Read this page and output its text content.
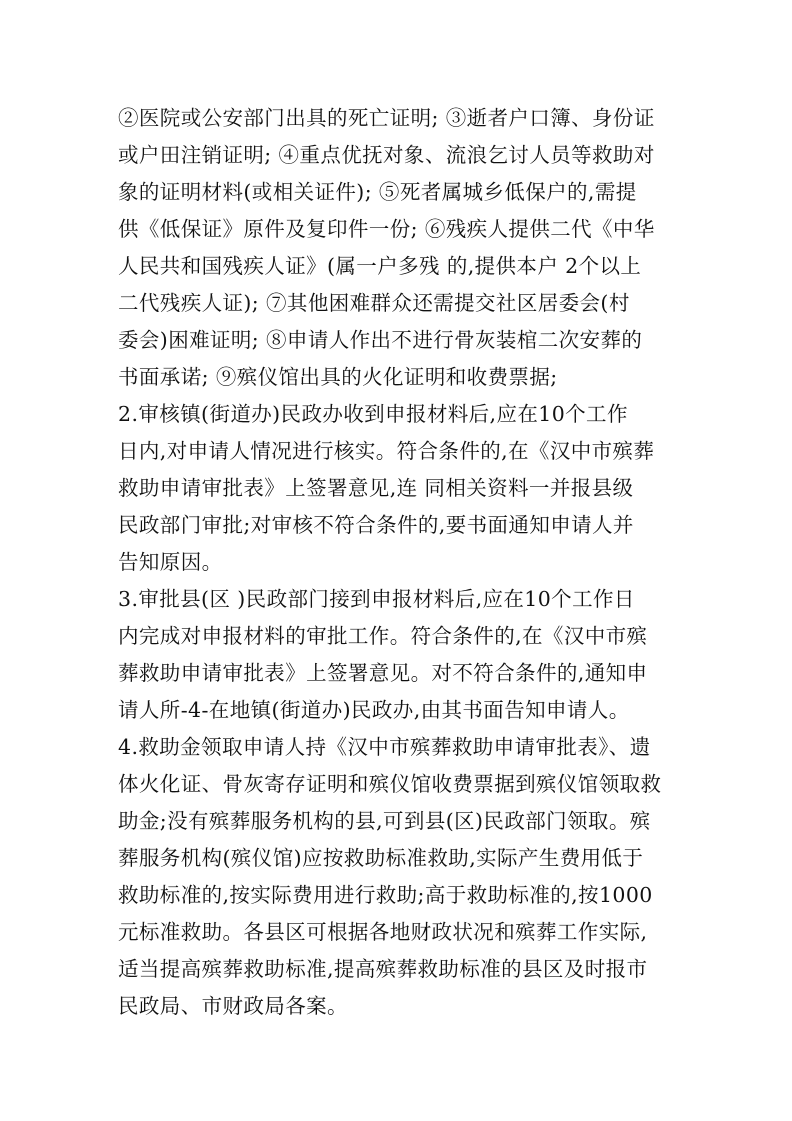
②医院或公安部门出具的死亡证明; ③逝者户口簿、身份证
或户田注销证明; ④重点优抚对象、流浪乞讨人员等救助对
象的证明材料(或相关证件); ⑤死者属城乡低保户的,需提
供《低保证》原件及复印件一份; ⑥残疾人提供二代《中华
人民共和国残疾人证》(属一户多残 的,提供本户 2个以上
二代残疾人证); ⑦其他困难群众还需提交社区居委会(村
委会)困难证明; ⑧申请人作出不进行骨灰装棺二次安葬的
书面承诺; ⑨殡仪馆出具的火化证明和收费票据;
2.审核镇(街道办)民政办收到申报材料后,应在10个工作
日内,对申请人情况进行核实。符合条件的,在《汉中市殡葬
救助申请审批表》上签署意见,连 同相关资料一并报县级
民政部门审批;对审核不符合条件的,要书面通知申请人并
告知原因。
3.审批县(区 )民政部门接到申报材料后,应在10个工作日
内完成对申报材料的审批工作。符合条件的,在《汉中市殡
葬救助申请审批表》上签署意见。对不符合条件的,通知申
请人所-4-在地镇(街道办)民政办,由其书面告知申请人。
4.救助金领取申请人持《汉中市殡葬救助申请审批表》、遗
体火化证、骨灰寄存证明和殡仪馆收费票据到殡仪馆领取救
助金;没有殡葬服务机构的县,可到县(区)民政部门领取。殡
葬服务机构(殡仪馆)应按救助标准救助,实际产生费用低于
救助标准的,按实际费用进行救助;高于救助标准的,按1000
元标准救助。各县区可根据各地财政状况和殡葬工作实际,
适当提高殡葬救助标准,提高殡葬救助标准的县区及时报市
民政局、市财政局各案。
